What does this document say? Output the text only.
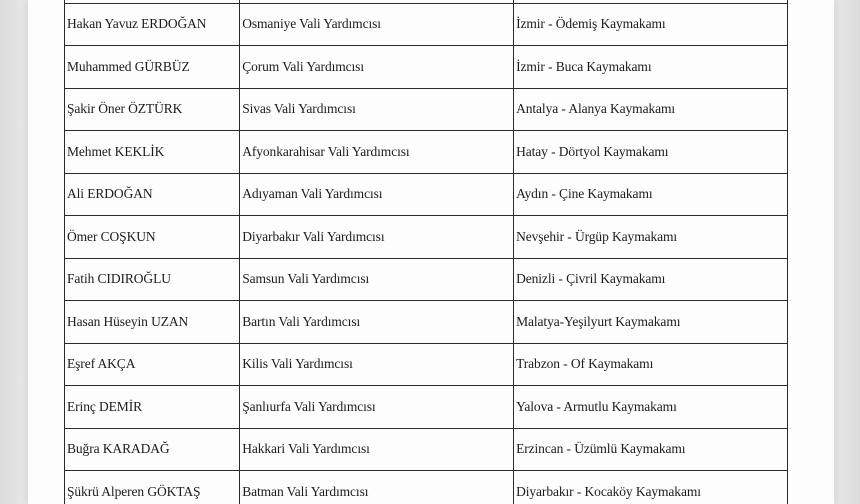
Hakan Yavuz ERDOĞAN	Osmaniye Vali Yardımcısı	İzmir - Ödemiş Kaymakamı
Muhammed GÜRBÜZ	Çorum Vali Yardımcısı	İzmir - Buca Kaymakamı
Şakir Öner ÖZTÜRK	Sivas Vali Yardımcısı	Antalya - Alanya Kaymakamı
Mehmet KEKLİK	Afyonkarahisar Vali Yardımcısı	Hatay - Dörtyol Kaymakamı
Ali ERDOĞAN	Adıyaman Vali Yardımcısı	Aydın - Çine Kaymakamı
Ömer COŞKUN	Diyarbakır Vali Yardımcısı	Nevşehir - Ürgüp Kaymakamı
Fatih CIDIROĞLU	Samsun Vali Yardımcısı	Denizli - Çivril Kaymakamı
Hasan Hüseyin UZAN	Bartın Vali Yardımcısı	Malatya-Yeşilyurt Kaymakamı
Eşref AKÇA	Kilis Vali Yardımcısı	Trabzon - Of Kaymakamı
Erinç DEMİR	Şanlıurfa Vali Yardımcısı	Yalova - Armutlu Kaymakamı
Buğra KARADAĞ	Hakkari Vali Yardımcısı	Erzincan - Üzümlü Kaymakamı
Şükrü Alperen GÖKTAŞ	Batman Vali Yardımcısı	Diyarbakır - Kocaköy Kaymakamı
